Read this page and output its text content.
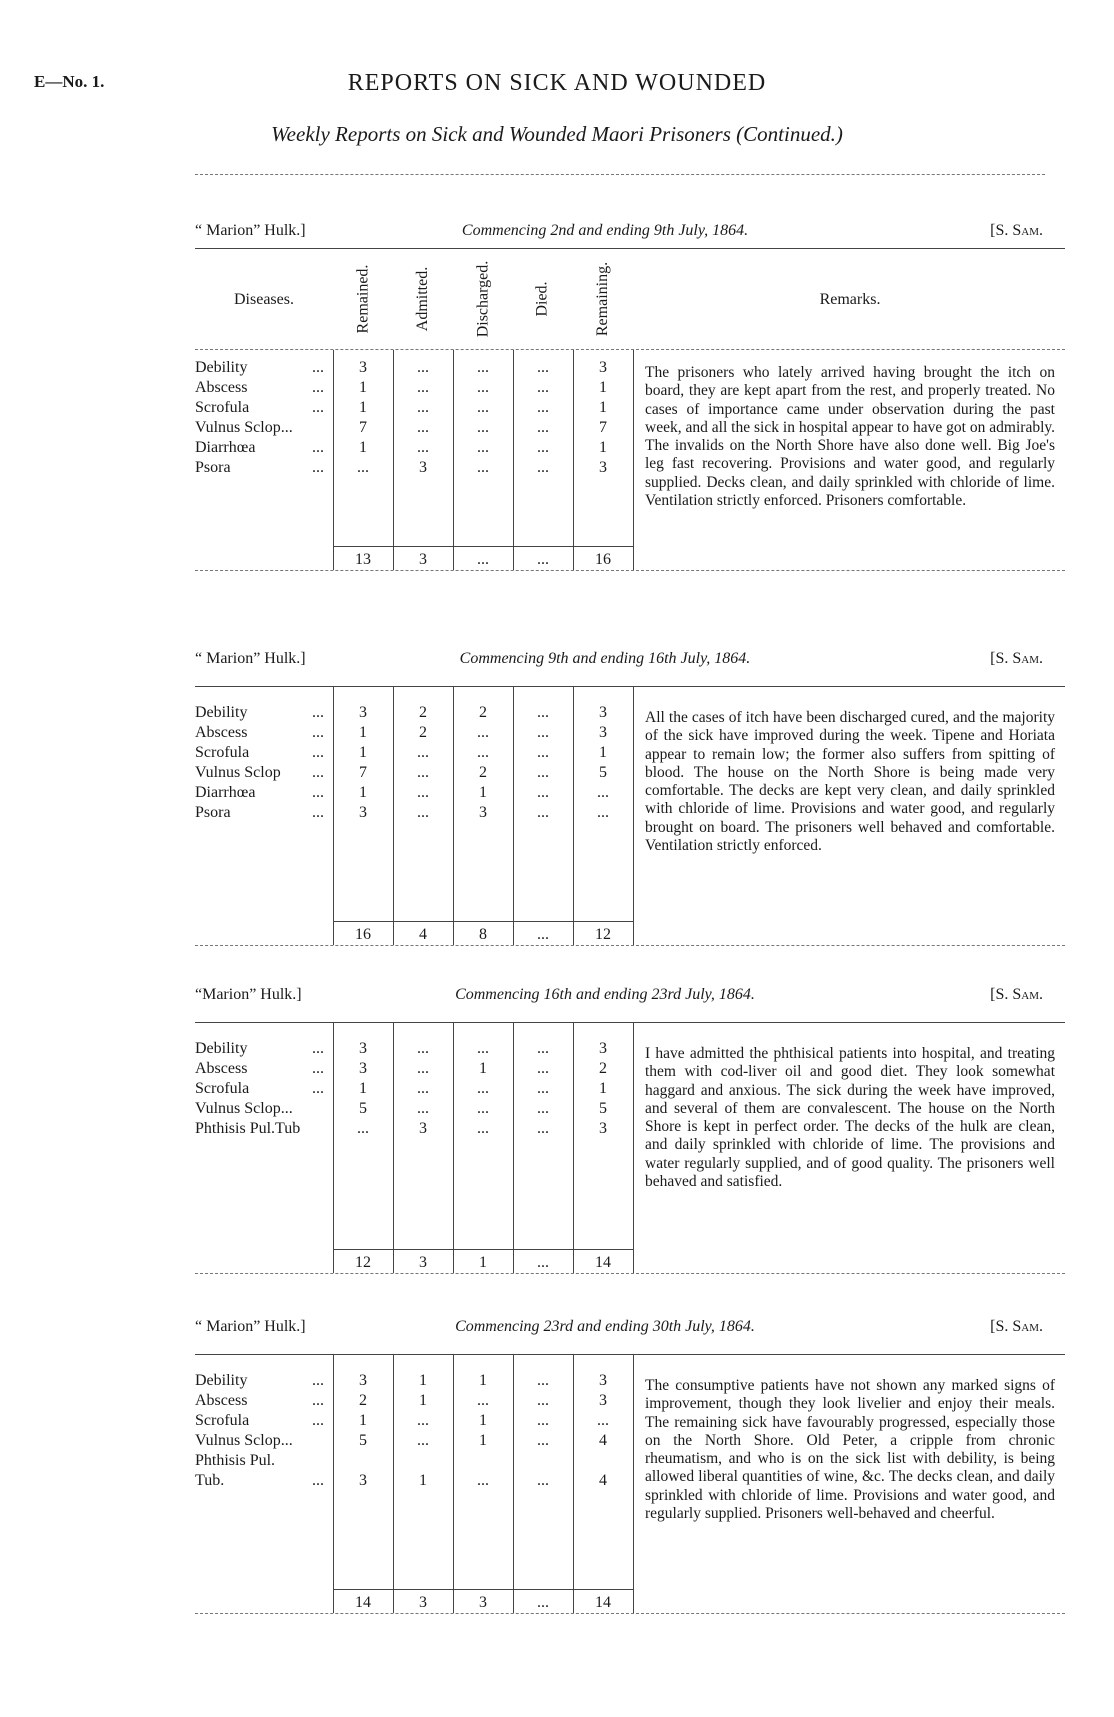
E—No. 1.	REPORTS ON SICK AND WOUNDED
Weekly Reports on Sick and Wounded Maori Prisoners (Continued.)
“ Marion” Hulk.]	Commencing 2nd and ending 9th July, 1864.	[S. Sam.
Diseases.	Remained.	Admitted.	Discharged.	Died.	Remaining.	Remarks.
Debility	...	3	...	...	...	3
Abscess	...	1	...	...	...	1
Scrofula	...	1	...	...	...	1
Vulnus Sclop...	7	...	...	...	7
Diarrhœa	...	1	...	...	...	1
Psora	...	...	3	...	...	3
13	3	...	...	16
The prisoners who lately arrived having brought the itch on board, they are kept apart from the rest, and properly treated. No cases of importance came under observation during the past week, and all the sick in hospital appear to have got on admirably. The invalids on the North Shore have also done well. Big Joe's leg fast recovering. Provisions and water good, and regularly supplied. Decks clean, and daily sprinkled with chloride of lime. Ventilation strictly enforced. Prisoners comfortable.
“ Marion” Hulk.]	Commencing 9th and ending 16th July, 1864.	[S. Sam.
Debility	...	3	2	2	...	3
Abscess	...	1	2	...	...	3
Scrofula	...	1	...	...	...	1
Vulnus Sclop ...	7	...	2	...	5
Diarrhœa	...	1	...	1	...	...
Psora	...	3	...	3	...	...
16	4	8	...	12
All the cases of itch have been discharged cured, and the majority of the sick have improved during the week. Tipene and Horiata appear to remain low; the former also suffers from spitting of blood. The house on the North Shore is being made very comfortable. The decks are kept very clean, and daily sprinkled with chloride of lime. Provisions and water good, and regularly brought on board. The prisoners well behaved and comfortable. Ventilation strictly enforced.
“Marion” Hulk.]	Commencing 16th and ending 23rd July, 1864.	[S. Sam.
Debility	...	3	...	...	...	3
Abscess	...	3	...	1	...	2
Scrofula	...	1	...	...	...	1
Vulnus Sclop...	5	...	...	...	5
Phthisis Pul.Tub	...	3	...	...	3
12	3	1	...	14
I have admitted the phthisical patients into hospital, and treating them with cod-liver oil and good diet. They look somewhat haggard and anxious. The sick during the week have improved, and several of them are convalescent. The house on the North Shore is kept in perfect order. The decks of the hulk are clean, and daily sprinkled with chloride of lime. The provisions and water regularly supplied, and of good quality. The prisoners well behaved and satisfied.
“ Marion” Hulk.]	Commencing 23rd and ending 30th July, 1864.	[S. Sam.
Debility	...	3	1	1	...	3
Abscess	...	2	1	...	...	3
Scrofula	...	1	...	1	...	...
Vulnus Sclop...	5	...	1	...	4
Phthisis Pul.
Tub.	...	3	1	...	...	4
14	3	3	...	14
The consumptive patients have not shown any marked signs of improvement, though they look livelier and enjoy their meals. The remaining sick have favourably progressed, especially those on the North Shore. Old Peter, a cripple from chronic rheumatism, and who is on the sick list with debility, is being allowed liberal quantities of wine, &c. The decks clean, and daily sprinkled with chloride of lime. Provisions and water good, and regularly supplied. Prisoners well-behaved and cheerful.
